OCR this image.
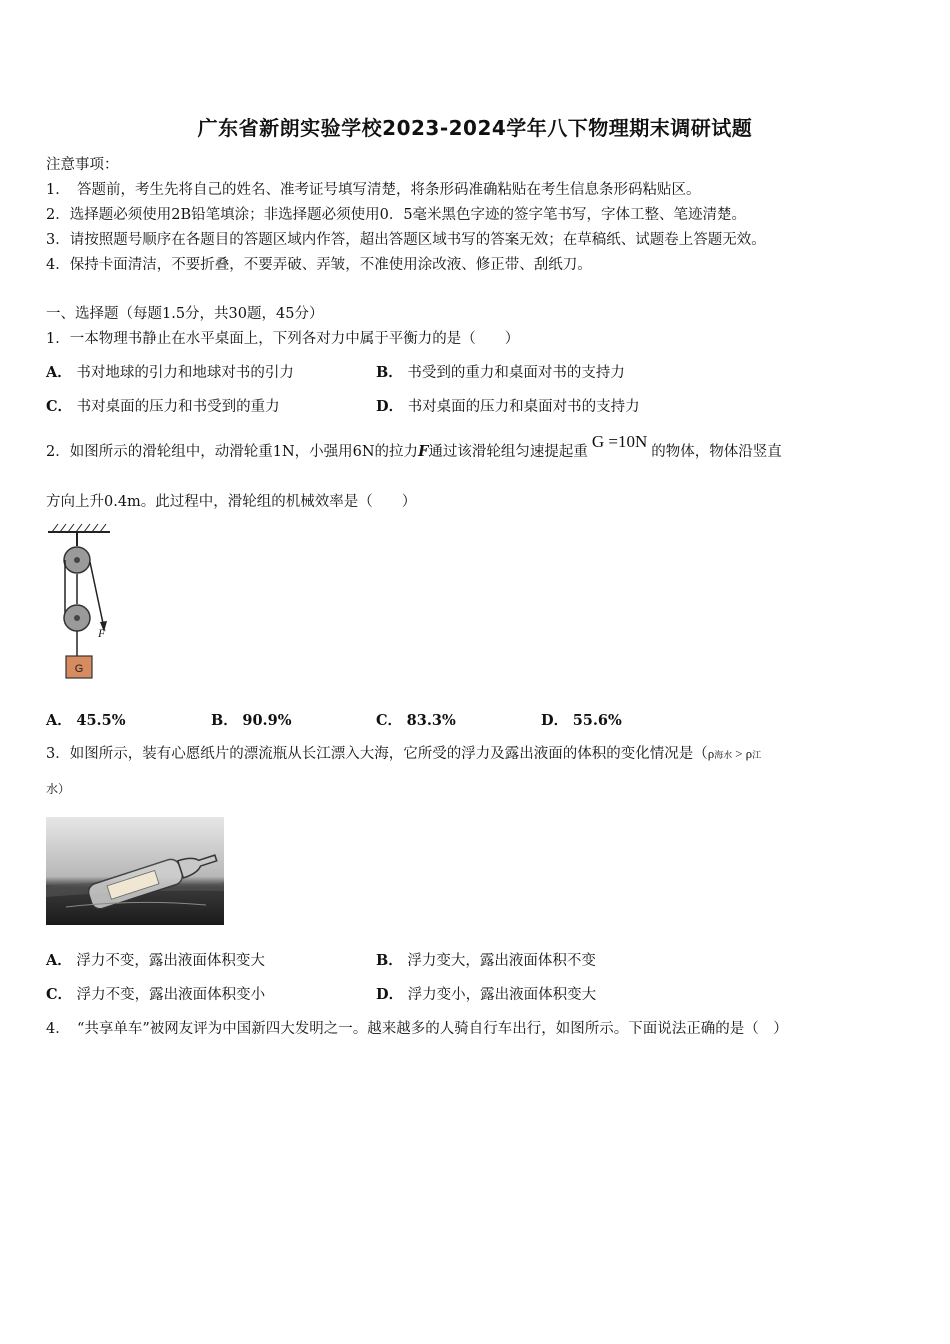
广东省新朗实验学校2023-2024学年八下物理期末调研试题
注意事项：
1．　答题前，考生先将自己的姓名、准考证号填写清楚，将条形码准确粘贴在考生信息条形码粘贴区。
2．选择题必须使用2B铅笔填涂；非选择题必须使用0．5毫米黑色字迹的签字笔书写，字体工整、笔迹清楚。
3．请按照题号顺序在各题目的答题区域内作答，超出答题区域书写的答案无效；在草稿纸、试题卷上答题无效。
4．保持卡面清洁，不要折叠，不要弄破、弄皱，不准使用涂改液、修正带、刮纸刀。
一、选择题（每题1.5分，共30题，45分）
1．一本物理书静止在水平桌面上，下列各对力中属于平衡力的是（　　）
A． 书对地球的引力和地球对书的引力	B． 书受到的重力和桌面对书的支持力
C． 书对桌面的压力和书受到的重力	D． 书对桌面的压力和桌面对书的支持力
2．如图所示的滑轮组中，动滑轮重1N，小强用6N的拉力F通过该滑轮组匀速提起重G =10N的物体，物体沿竖直
方向上升0.4m。此过程中，滑轮组的机械效率是（　　）
F
G
A． 45.5%	B． 90.9%	C． 83.3%	D． 55.6%
3．如图所示，装有心愿纸片的漂流瓶从长江漂入大海，它所受的浮力及露出液面的体积的变化情况是（ρ海水 > ρ江
水）
A． 浮力不变，露出液面体积变大	B． 浮力变大，露出液面体积不变
C． 浮力不变，露出液面体积变小	D． 浮力变小，露出液面体积变大
4．　“共享单车”被网友评为中国新四大发明之一。越来越多的人骑自行车出行，如图所示。下面说法正确的是（　）
